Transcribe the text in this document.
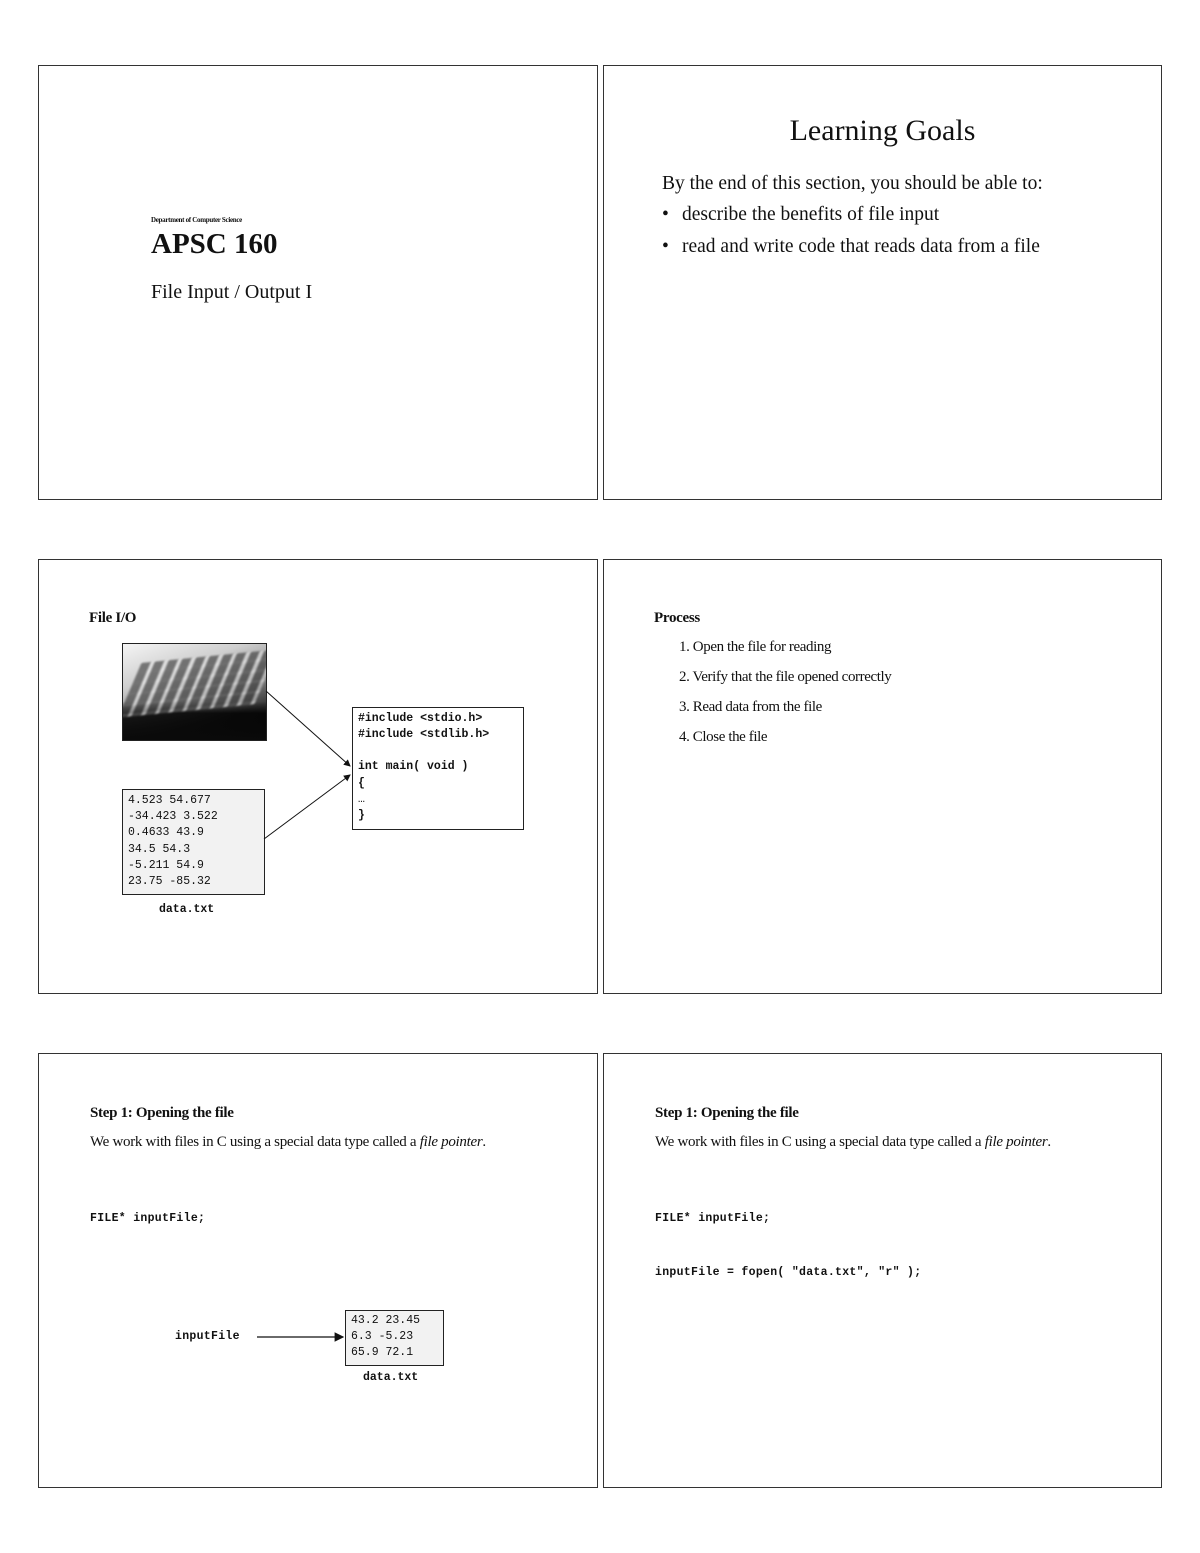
Department of Computer Science
APSC 160
File Input / Output I
Learning Goals
By the end of this section, you should be able to:
• describe the benefits of file input
• read and write code that reads data from a file
File I/O
4.523 54.677
-34.423 3.522
0.4633 43.9
34.5 54.3
-5.211 54.9
23.75 -85.32
data.txt
#include <stdio.h>
#include <stdlib.h>
int main( void )
{
…
}
Process
1. Open the file for reading
2. Verify that the file opened correctly
3. Read data from the file
4. Close the file
Step 1: Opening the file
We work with files in C using a special data type called a file pointer.
FILE* inputFile;
inputFile
43.2 23.45
6.3 -5.23
65.9 72.1
data.txt
Step 1: Opening the file
We work with files in C using a special data type called a file pointer.
FILE* inputFile;
inputFile = fopen( "data.txt", "r" );
